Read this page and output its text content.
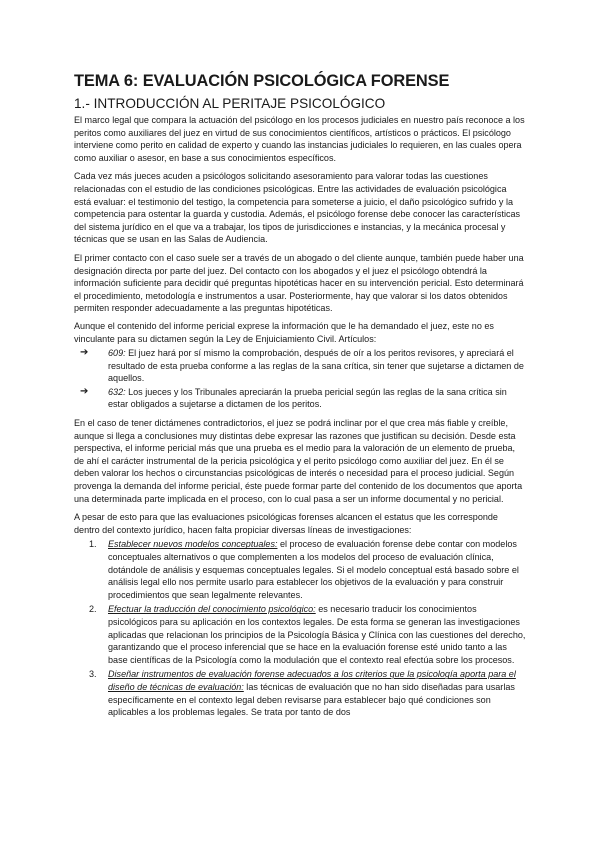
TEMA 6: EVALUACIÓN PSICOLÓGICA FORENSE
1.- INTRODUCCIÓN AL PERITAJE PSICOLÓGICO

El marco legal que compara la actuación del psicólogo en los procesos judiciales en nuestro país reconoce a los peritos como auxiliares del juez en virtud de sus conocimientos científicos, artísticos o prácticos. El psicólogo interviene como perito en calidad de experto y cuando las instancias judiciales lo requieren, en las cuales opera como auxiliar o asesor, en base a sus conocimientos específicos.

Cada vez más jueces acuden a psicólogos solicitando asesoramiento para valorar todas las cuestiones relacionadas con el estudio de las condiciones psicológicas. Entre las actividades de evaluación psicológica está evaluar: el testimonio del testigo, la competencia para someterse a juicio, el daño psicológico sufrido y la competencia para ostentar la guarda y custodia. Además, el psicólogo forense debe conocer las características del sistema jurídico en el que va a trabajar, los tipos de jurisdicciones e instancias, y la mecánica procesal y técnicas que se usan en las Salas de Audiencia.

El primer contacto con el caso suele ser a través de un abogado o del cliente aunque, también puede haber una designación directa por parte del juez. Del contacto con los abogados y el juez el psicólogo obtendrá la información suficiente para decidir qué preguntas hipotéticas hacer en su intervención pericial. Esto determinará el procedimiento, metodología e instrumentos a usar. Posteriormente, hay que valorar si los datos obtenidos permiten responder adecuadamente a las preguntas hipotéticas.

Aunque el contenido del informe pericial exprese la información que le ha demandado el juez, este no es vinculante para su dictamen según la Ley de Enjuiciamiento Civil. Artículos:

➔ 609: El juez hará por sí mismo la comprobación, después de oír a los peritos revisores, y apreciará el resultado de esta prueba conforme a las reglas de la sana crítica, sin tener que sujetarse a dictamen de aquellos.
➔ 632: Los jueces y los Tribunales apreciarán la prueba pericial según las reglas de la sana crítica sin estar obligados a sujetarse a dictamen de los peritos.

En el caso de tener dictámenes contradictorios, el juez se podrá inclinar por el que crea más fiable y creíble, aunque si llega a conclusiones muy distintas debe expresar las razones que justifican su decisión. Desde esta perspectiva, el informe pericial más que una prueba es el medio para la valoración de un elemento de prueba, de ahí el carácter instrumental de la pericia psicológica y el perito psicólogo como auxiliar del juez. En él se deben valorar los hechos o circunstancias psicológicas de interés o necesidad para el proceso judicial. Según provenga la demanda del informe pericial, éste puede formar parte del contenido de los documentos que aporta una determinada parte implicada en el proceso, con lo cual pasa a ser un informe documental y no pericial.

A pesar de esto para que las evaluaciones psicológicas forenses alcancen el estatus que les corresponde dentro del contexto jurídico, hacen falta propiciar diversas líneas de investigaciones:

1. Establecer nuevos modelos conceptuales: el proceso de evaluación forense debe contar con modelos conceptuales alternativos o que complementen a los modelos del proceso de evaluación clínica, dotándole de análisis y esquemas conceptuales legales. Si el modelo conceptual está basado sobre el análisis legal ello nos permite usarlo para establecer los objetivos de la evaluación y para construir procedimientos que sean legalmente relevantes.
2. Efectuar la traducción del conocimiento psicológico: es necesario traducir los conocimientos psicológicos para su aplicación en los contextos legales. De esta forma se generan las investigaciones aplicadas que relacionan los principios de la Psicología Básica y Clínica con las cuestiones del derecho, garantizando que el proceso inferencial que se hace en la evaluación forense esté unido tanto a las base científicas de la Psicología como la modulación que el contexto real efectúa sobre los procesos.
3. Diseñar instrumentos de evaluación forense adecuados a los criterios que la psicología aporta para el diseño de técnicas de evaluación: las técnicas de evaluación que no han sido diseñadas para usarlas específicamente en el contexto legal deben revisarse para establecer bajo qué condiciones son aplicables a los problemas legales. Se trata por tanto de dos
